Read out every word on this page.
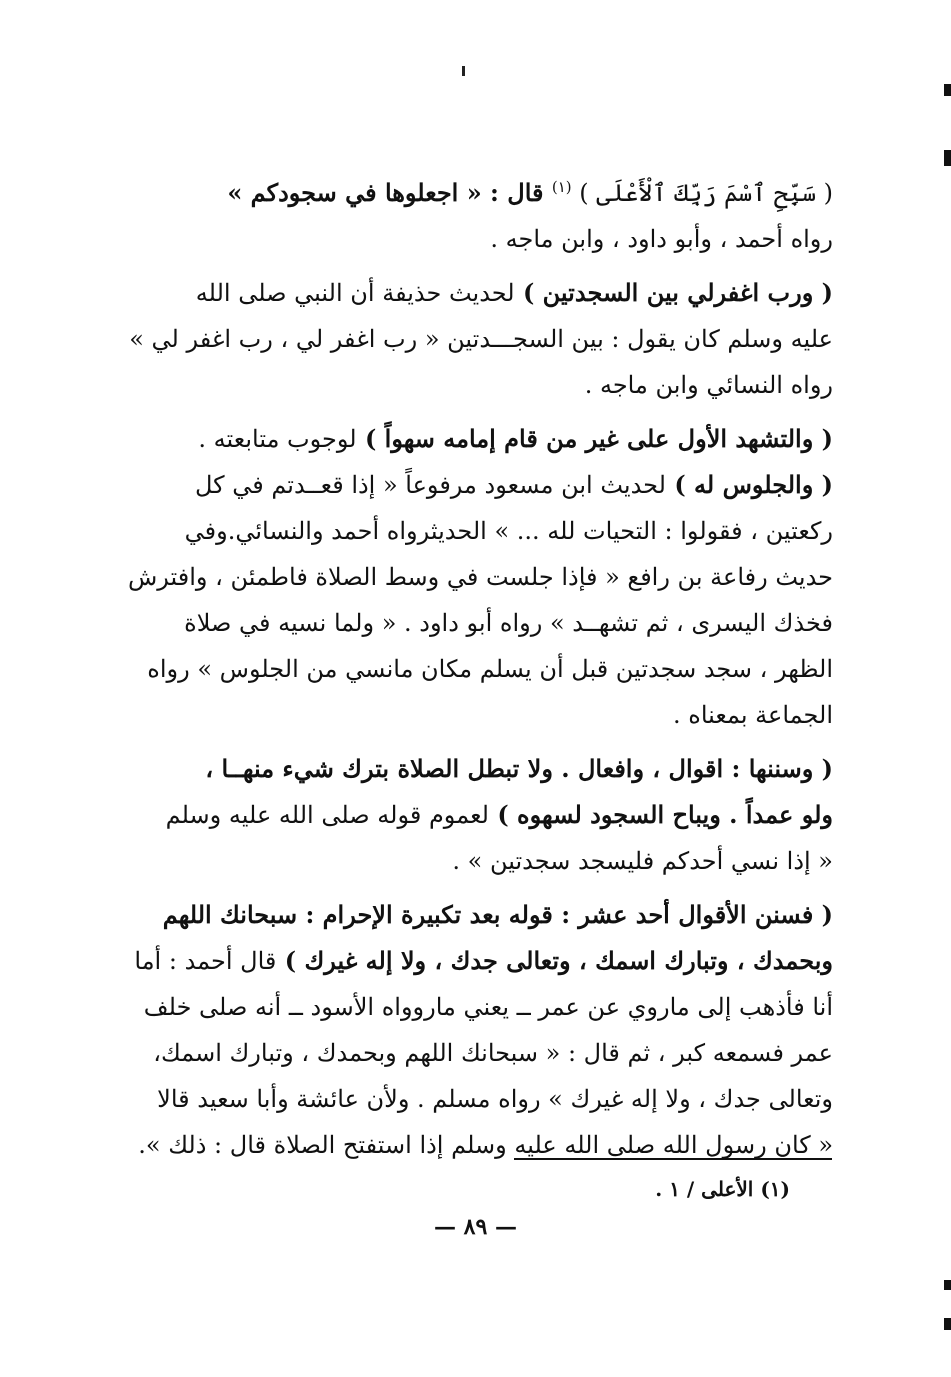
( سَبِّحِ ٱسْمَ رَبِّكَ ٱلْأَعْلَى ) $^{(١)}$ قال : « اجعلوها في سجودكم »
رواه أحمد ، وأبو داود ، وابن ماجه .
( ورب اغفرلي بين السجدتين ) لحديث حذيفة أن النبي صلى الله
عليه وسلم كان يقول : بين السجـــدتين « رب اغفر لي ، رب اغفر لي »
رواه النسائي وابن ماجه .
( والتشهد الأول على غير من قام إمامه سهواً ) لوجوب متابعته .
( والجلوس له ) لحديث ابن مسعود مرفوعاً « إذا قعــدتم في كل
ركعتين ، فقولوا : التحيات لله ... » الحديثرواه أحمد والنسائي.وفي
حديث رفاعة بن رافع « فإذا جلست في وسط الصلاة فاطمئن ، وافترش
فخذك اليسرى ، ثم تشهــد » رواه أبو داود . « ولما نسيه في صلاة
الظهر ، سجد سجدتين قبل أن يسلم مكان مانسي من الجلوس » رواه
الجماعة بمعناه .
( وسننها : اقوال ، وافعال . ولا تبطل الصلاة بترك شيء منهــا ،
ولو عمداً . ويباح السجود لسهوه ) لعموم قوله صلى الله عليه وسلم
« إذا نسي أحدكم فليسجد سجدتين » .
( فسنن الأقوال أحد عشر : قوله بعد تكبيرة الإحرام : سبحانك اللهم
وبحمدك ، وتبارك اسمك ، وتعالى جدك ، ولا إله غيرك ) قال أحمد : أما
أنا فأذهب إلى ماروي عن عمر ــ يعني ماروواه الأسود ــ أنه صلى خلف
عمر فسمعه كبر ، ثم قال : « سبحانك اللهم وبحمدك ، وتبارك اسمك،
وتعالى جدك ، ولا إله غيرك » رواه مسلم . ولأن عائشة وأبا سعيد قالا
« كان رسول الله صلى الله عليه وسلم إذا استفتح الصلاة قال : ذلك ».
(١) الأعلى / ١ .
— ٨٩ —
